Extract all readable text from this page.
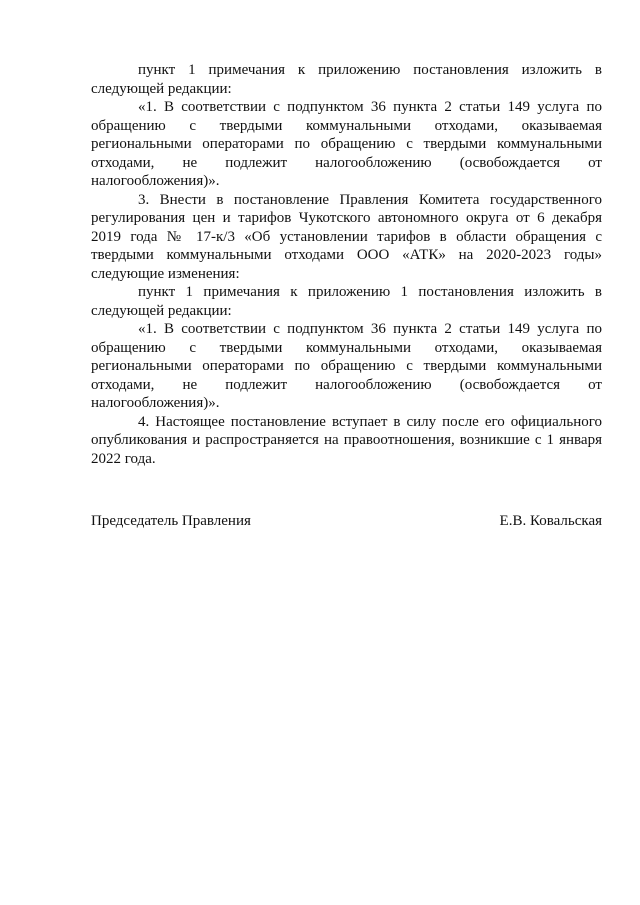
пункт 1 примечания к приложению постановления изложить в следующей редакции:

«1. В соответствии с подпунктом 36 пункта 2 статьи 149 услуга по обращению с твердыми коммунальными отходами, оказываемая региональными операторами по обращению с твердыми коммунальными отходами, не подлежит налогообложению (освобождается от налогообложения)».

3. Внести в постановление Правления Комитета государственного регулирования цен и тарифов Чукотского автономного округа от 6 декабря 2019 года № 17-к/3 «Об установлении тарифов в области обращения с твердыми коммунальными отходами ООО «АТК» на 2020-2023 годы» следующие изменения:

пункт 1 примечания к приложению 1 постановления изложить в следующей редакции:

«1. В соответствии с подпунктом 36 пункта 2 статьи 149 услуга по обращению с твердыми коммунальными отходами, оказываемая региональными операторами по обращению с твердыми коммунальными отходами, не подлежит налогообложению (освобождается от налогообложения)».

4. Настоящее постановление вступает в силу после его официального опубликования и распространяется на правоотношения, возникшие с 1 января 2022 года.

Председатель Правления	Е.В. Ковальская
